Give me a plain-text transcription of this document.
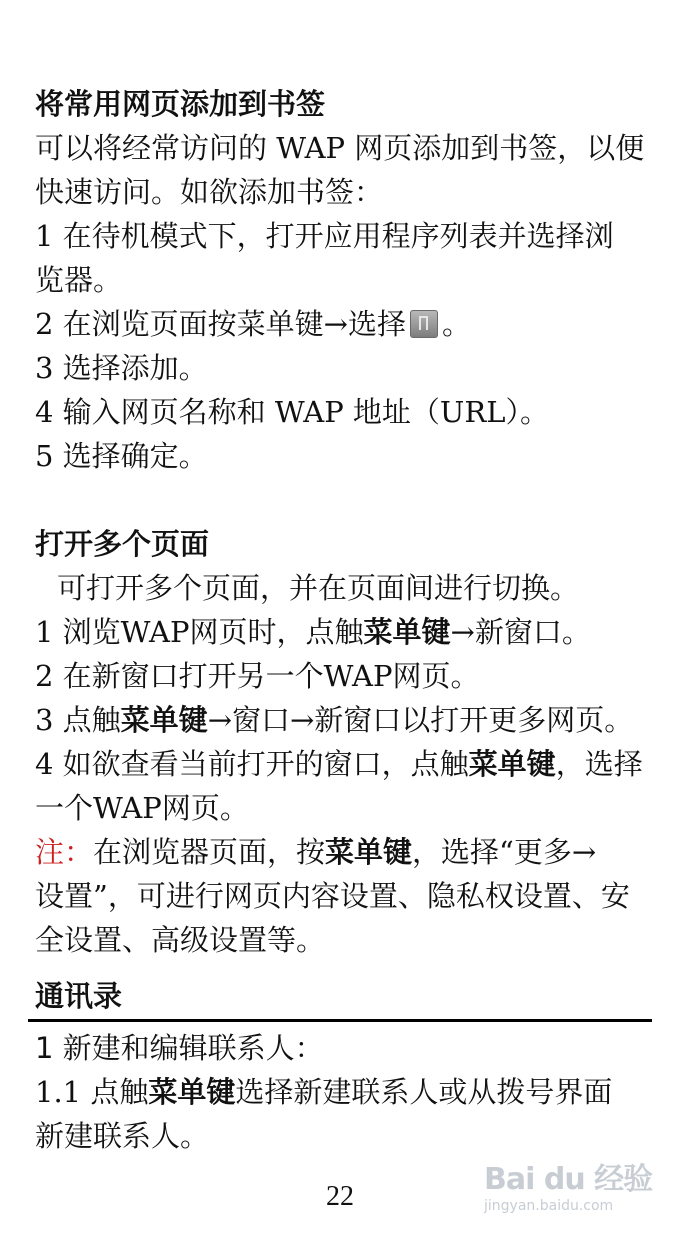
将常用网页添加到书签
可以将经常访问的 WAP 网页添加到书签，以便
快速访问。如欲添加书签：
1 在待机模式下，打开应用程序列表并选择浏
览器。
2 在浏览页面按菜单键→选择 。
3 选择添加。
4 输入网页名称和 WAP 地址（URL）。
5 选择确定。
打开多个页面
可打开多个页面，并在页面间进行切换。
1 浏览WAP网页时，点触菜单键→新窗口。
2 在新窗口打开另一个WAP网页。
3 点触菜单键→窗口→新窗口以打开更多网页。
4 如欲查看当前打开的窗口，点触菜单键，选择
一个WAP网页。
注：在浏览器页面，按菜单键，选择“更多→
设置”，可进行网页内容设置、隐私权设置、安
全设置、高级设置等。
通讯录
1 新建和编辑联系人：
1.1 点触菜单键选择新建联系人或从拨号界面
新建联系人。
22	Bai du 经验
jingyan.baidu.com
